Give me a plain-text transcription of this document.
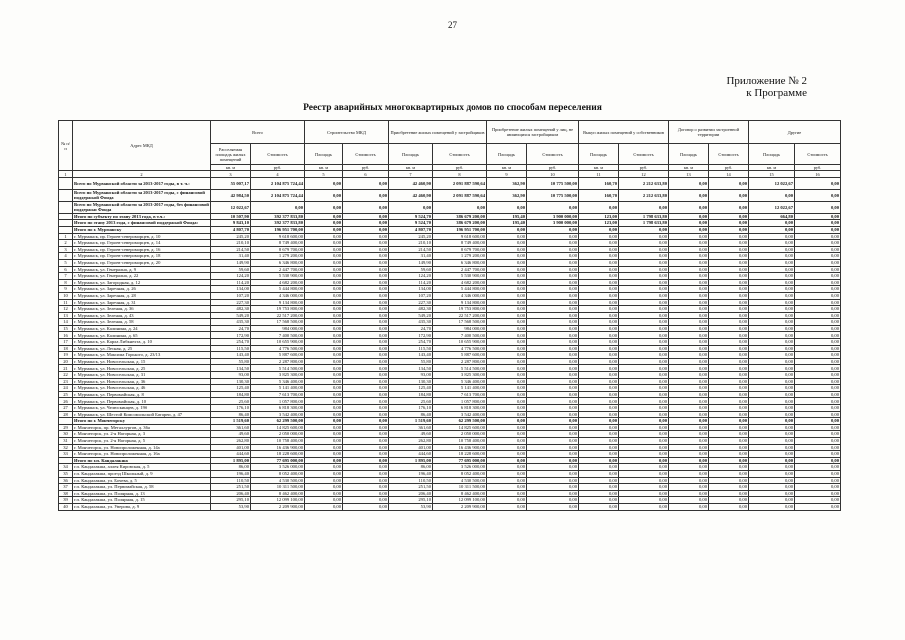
27
Приложение № 2
к Программе
Реестр аварийных многоквартирных домов по способам переселения
№ п/п	Адрес МКД	Всего		Строительство МКД		Приобретение жилых помещений у застройщиков		Приобретение жилых помещений у лиц, не являющихся застройщиком		Выкуп жилых помещений у собственников		Договор о развитии застроенной территории		Другие	
		Расселяемая площадь жилых помещений	Стоимость	Площадь	Стоимость	Площадь	Стоимость	Площадь	Стоимость	Площадь	Стоимость	Площадь	Стоимость	Площадь	Стоимость
		кв. м	руб.	кв. м	руб.	кв. м	руб.	кв. м	руб.	кв. м	руб.	кв. м	руб.	кв. м	руб.
1	2	3	4	5	6	7	8	9	10	11	12	13	14	15	16
	Всего по Мурманской области за 2013-2017 годы, в т. ч.:	55 007,17	2 104 875 724,44	0,00	0,00	42 460,90	2 091 887 590,64	362,90	10 775 500,00	160,70	2 212 633,80	0,00	0,00	12 022,67	0,00
	Всего по Мурманской области за 2013-2017 годы, с финансовой поддержкой Фонда	42 984,50	2 104 875 724,44	0,00	0,00	42 460,90	2 091 887 590,64	362,90	10 775 500,00	160,70	2 212 633,80	0,00	0,00	0,00	0,00
	Всего по Мурманской области за 2013-2017 годы, без финансовой поддержки Фонда	12 022,67	0,00	0,00	0,00	0,00	0,00	0,00	0,00	0,00	0,00	0,00	0,00	12 022,67	0,00
	Итого по субъекту по этапу 2013 года, в т.ч.:	10 507,90	392 377 833,80	0,00	0,00	9 524,70	386 679 200,00	195,40	3 900 000,00	123,00	1 798 633,80	0,00	0,00	664,80	0,00
	Итого по этапу 2013 года, с финансовой поддержкой Фонда:	9 843,10	392 377 833,80	0,00	0,00	9 524,70	386 679 200,00	195,40	3 900 000,00	123,00	1 798 633,80	0,00	0,00	0,00	0,00
	Итого по г. Мурманску	4 807,70	196 951 700,00	0,00	0,00	4 807,70	196 951 700,00	0,00	0,00	0,00	0,00	0,00	0,00	0,00	0,00
1	г. Мурманск, пр. Героев-североморцев, д. 10	245,20	9 618 600,00	0,00	0,00	245,20	9 618 600,00	0,00	0,00	0,00	0,00	0,00	0,00	0,00	0,00
2	г. Мурманск, пр. Героев-североморцев, д. 14	210,10	8 749 400,00	0,00	0,00	210,10	8 749 400,00	0,00	0,00	0,00	0,00	0,00	0,00	0,00	0,00
3	г. Мурманск, пр. Героев-североморцев, д. 16	214,50	8 679 700,00	0,00	0,00	214,50	8 679 700,00	0,00	0,00	0,00	0,00	0,00	0,00	0,00	0,00
4	г. Мурманск, пр. Героев-североморцев, д. 18	31,40	1 279 200,00	0,00	0,00	31,40	1 279 200,00	0,00	0,00	0,00	0,00	0,00	0,00	0,00	0,00
5	г. Мурманск, пр. Героев-североморцев, д. 20	149,90	6 346 800,00	0,00	0,00	149,90	6 346 800,00	0,00	0,00	0,00	0,00	0,00	0,00	0,00	0,00
6	г. Мурманск, ул. Генерална, д. 9	59,60	2 447 700,00	0,00	0,00	59,60	2 447 700,00	0,00	0,00	0,00	0,00	0,00	0,00	0,00	0,00
7	г. Мурманск, ул. Генерална, д. 22	124,20	5 530 900,00	0,00	0,00	124,20	5 530 900,00	0,00	0,00	0,00	0,00	0,00	0,00	0,00	0,00
8	г. Мурманск, ул. Загородная, д. 12	114,20	4 682 200,00	0,00	0,00	114,20	4 682 200,00	0,00	0,00	0,00	0,00	0,00	0,00	0,00	0,00
9	г. Мурманск, ул. Заречная, д. 26	134,00	5 444 800,00	0,00	0,00	134,00	5 444 800,00	0,00	0,00	0,00	0,00	0,00	0,00	0,00	0,00
10	г. Мурманск, ул. Заречная, д. 28	107,20	4 346 000,00	0,00	0,00	107,20	4 346 000,00	0,00	0,00	0,00	0,00	0,00	0,00	0,00	0,00
11	г. Мурманск, ул. Заречная, д. 31	227,30	9 134 800,00	0,00	0,00	227,30	9 134 800,00	0,00	0,00	0,00	0,00	0,00	0,00	0,00	0,00
12	г. Мурманск, ул. Зеленая, д. 36	482,30	19 753 800,00	0,00	0,00	482,30	19 753 800,00	0,00	0,00	0,00	0,00	0,00	0,00	0,00	0,00
13	г. Мурманск, ул. Зеленая, д. 43	549,20	22 517 200,00	0,00	0,00	549,20	22 517 200,00	0,00	0,00	0,00	0,00	0,00	0,00	0,00	0,00
14	г. Мурманск, ул. Зеленая, д. 58	435,30	17 568 500,00	0,00	0,00	435,30	17 568 500,00	0,00	0,00	0,00	0,00	0,00	0,00	0,00	0,00
15	г. Мурманск, ул. Калинина, д. 24	24,70	984 000,00	0,00	0,00	24,70	984 000,00	0,00	0,00	0,00	0,00	0,00	0,00	0,00	0,00
16	г. Мурманск, ул. Калинина, д. 65	172,90	7 400 500,00	0,00	0,00	172,90	7 400 500,00	0,00	0,00	0,00	0,00	0,00	0,00	0,00	0,00
17	г. Мурманск, ул. Карла Либкнехта, д. 10	254,70	10 655 900,00	0,00	0,00	254,70	10 655 900,00	0,00	0,00	0,00	0,00	0,00	0,00	0,00	0,00
18	г. Мурманск, ул. Лесная, д. 25	115,50	4 776 500,00	0,00	0,00	115,50	4 776 500,00	0,00	0,00	0,00	0,00	0,00	0,00	0,00	0,00
19	г. Мурманск, ул. Максима Горького, д. 23/13	143,40	5 887 600,00	0,00	0,00	143,40	5 887 600,00	0,00	0,00	0,00	0,00	0,00	0,00	0,00	0,00
20	г. Мурманск, ул. Новосельская, д. 15	55,80	2 287 800,00	0,00	0,00	55,80	2 287 800,00	0,00	0,00	0,00	0,00	0,00	0,00	0,00	0,00
21	г. Мурманск, ул. Новосельская, д. 25	134,50	5 514 500,00	0,00	0,00	134,50	5 514 500,00	0,00	0,00	0,00	0,00	0,00	0,00	0,00	0,00
22	г. Мурманск, ул. Новосельская, д. 31	93,00	3 825 300,00	0,00	0,00	93,00	3 825 300,00	0,00	0,00	0,00	0,00	0,00	0,00	0,00	0,00
23	г. Мурманск, ул. Новосельская, д. 36	130,30	5 346 400,00	0,00	0,00	130,30	5 346 400,00	0,00	0,00	0,00	0,00	0,00	0,00	0,00	0,00
24	г. Мурманск, ул. Новосельская, д. 46	125,40	5 141 400,00	0,00	0,00	125,40	5 141 400,00	0,00	0,00	0,00	0,00	0,00	0,00	0,00	0,00
25	г. Мурманск, ул. Первомайская, д. 8	184,80	7 613 700,00	0,00	0,00	184,80	7 613 700,00	0,00	0,00	0,00	0,00	0,00	0,00	0,00	0,00
26	г. Мурманск, ул. Первомайская, д. 10	25,60	1 057 800,00	0,00	0,00	25,60	1 057 800,00	0,00	0,00	0,00	0,00	0,00	0,00	0,00	0,00
27	г. Мурманск, ул. Челюскинцев, д. 19б	176,10	6 818 300,00	0,00	0,00	176,10	6 818 300,00	0,00	0,00	0,00	0,00	0,00	0,00	0,00	0,00
28	г. Мурманск, ул. Шестой Комсомольской Батареи, д. 47	86,40	3 542 400,00	0,00	0,00	86,40	3 542 400,00	0,00	0,00	0,00	0,00	0,00	0,00	0,00	0,00
	Итого по г. Мончегорску	1 519,60	62 299 500,00	0,00	0,00	1 519,60	62 299 500,00	0,00	0,00	0,00	0,00	0,00	0,00	0,00	0,00
29	г. Мончегорск, пр. Металлургов, д. 36а	361,60	14 825 600,00	0,00	0,00	361,60	14 825 600,00	0,00	0,00	0,00	0,00	0,00	0,00	0,00	0,00
30	г. Мончегорск, ул. 2-я Нагорная, д. 3	49,60	2 050 000,00	0,00	0,00	49,60	2 050 000,00	0,00	0,00	0,00	0,00	0,00	0,00	0,00	0,00
31	г. Мончегорск, ул. 2-я Нагорная, д. 5	262,80	10 758 400,00	0,00	0,00	262,80	10 758 400,00	0,00	0,00	0,00	0,00	0,00	0,00	0,00	0,00
32	г. Мончегорск, ул. Новопроложенная, д. 14а	401,00	16 436 900,00	0,00	0,00	401,00	16 436 900,00	0,00	0,00	0,00	0,00	0,00	0,00	0,00	0,00
33	г. Мончегорск, ул. Новопроложенная, д. 16а	444,60	18 228 600,00	0,00	0,00	444,60	18 228 600,00	0,00	0,00	0,00	0,00	0,00	0,00	0,00	0,00
	Итого по г.п. Кандалакша	1 895,00	77 695 000,00	0,00	0,00	1 895,00	77 695 000,00	0,00	0,00	0,00	0,00	0,00	0,00	0,00	0,00
34	г.п. Кандалакша, аллея Кировская, д. 5	86,00	3 526 000,00	0,00	0,00	86,00	3 526 000,00	0,00	0,00	0,00	0,00	0,00	0,00	0,00	0,00
35	г.п. Кандалакша, проезд Школьный, д. 9	196,40	8 052 400,00	0,00	0,00	196,40	8 052 400,00	0,00	0,00	0,00	0,00	0,00	0,00	0,00	0,00
36	г.п. Кандалакша, ул. Бочева, д. 5	110,50	4 530 500,00	0,00	0,00	110,50	4 530 500,00	0,00	0,00	0,00	0,00	0,00	0,00	0,00	0,00
37	г.п. Кандалакша, ул. Первомайская, д. 58	251,50	10 311 500,00	0,00	0,00	251,50	10 311 500,00	0,00	0,00	0,00	0,00	0,00	0,00	0,00	0,00
38	г.п. Кандалакша, ул. Полярная, д. 13	206,40	8 462 400,00	0,00	0,00	206,40	8 462 400,00	0,00	0,00	0,00	0,00	0,00	0,00	0,00	0,00
39	г.п. Кандалакша, ул. Полярная, д. 15	295,10	12 099 100,00	0,00	0,00	295,10	12 099 100,00	0,00	0,00	0,00	0,00	0,00	0,00	0,00	0,00
40	г.п. Кандалакша, ул. Уверова, д. 9	53,90	2 209 900,00	0,00	0,00	53,90	2 209 900,00	0,00	0,00	0,00	0,00	0,00	0,00	0,00	0,00
